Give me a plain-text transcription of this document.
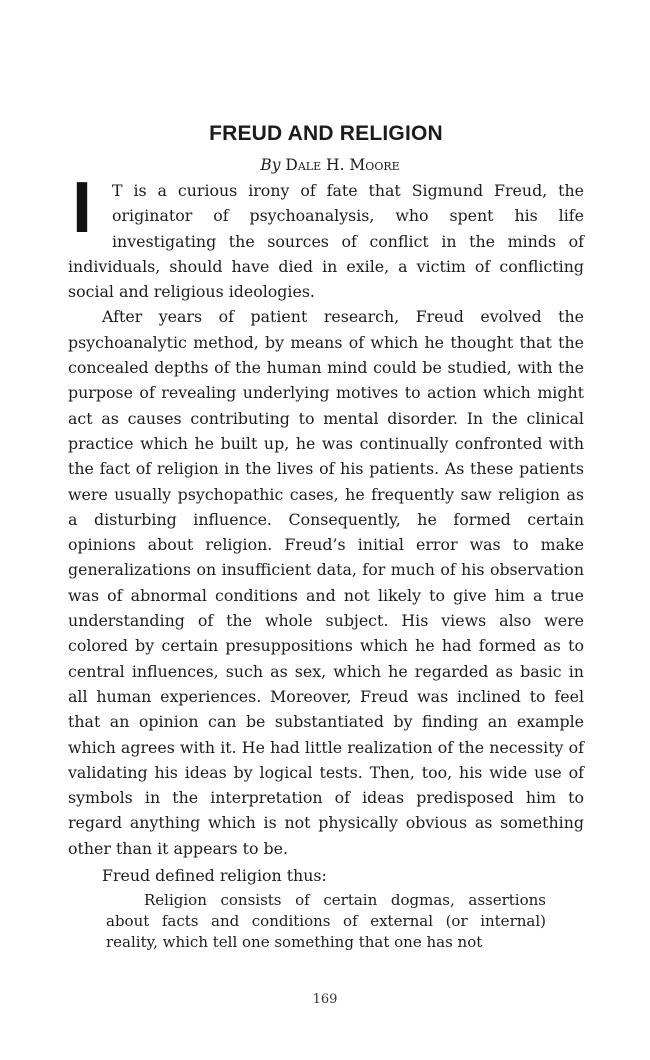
FREUD AND RELIGION

By Dale H. Moore

I	T is a curious irony of fate that Sigmund Freud, the originator of psychoanalysis, who spent his life investigating the sources of conflict in the minds of individuals, should have died in exile, a victim of conflicting social and religious ideologies.

After years of patient research, Freud evolved the psychoanalytic method, by means of which he thought that the concealed depths of the human mind could be studied, with the purpose of revealing underlying motives to action which might act as causes contributing to mental disorder. In the clinical practice which he built up, he was continually confronted with the fact of religion in the lives of his patients. As these patients were usually psychopathic cases, he frequently saw religion as a disturbing influence. Consequently, he formed certain opinions about religion. Freud’s initial error was to make generalizations on insufficient data, for much of his observation was of abnormal conditions and not likely to give him a true understanding of the whole subject. His views also were colored by certain presuppositions which he had formed as to central influences, such as sex, which he regarded as basic in all human experiences. Moreover, Freud was inclined to feel that an opinion can be substantiated by finding an example which agrees with it. He had little realization of the necessity of validating his ideas by logical tests. Then, too, his wide use of symbols in the interpretation of ideas predisposed him to regard anything which is not physically obvious as something other than it appears to be.

Freud defined religion thus:

Religion consists of certain dogmas, assertions about facts and conditions of external (or internal) reality, which tell one something that one has not

169
